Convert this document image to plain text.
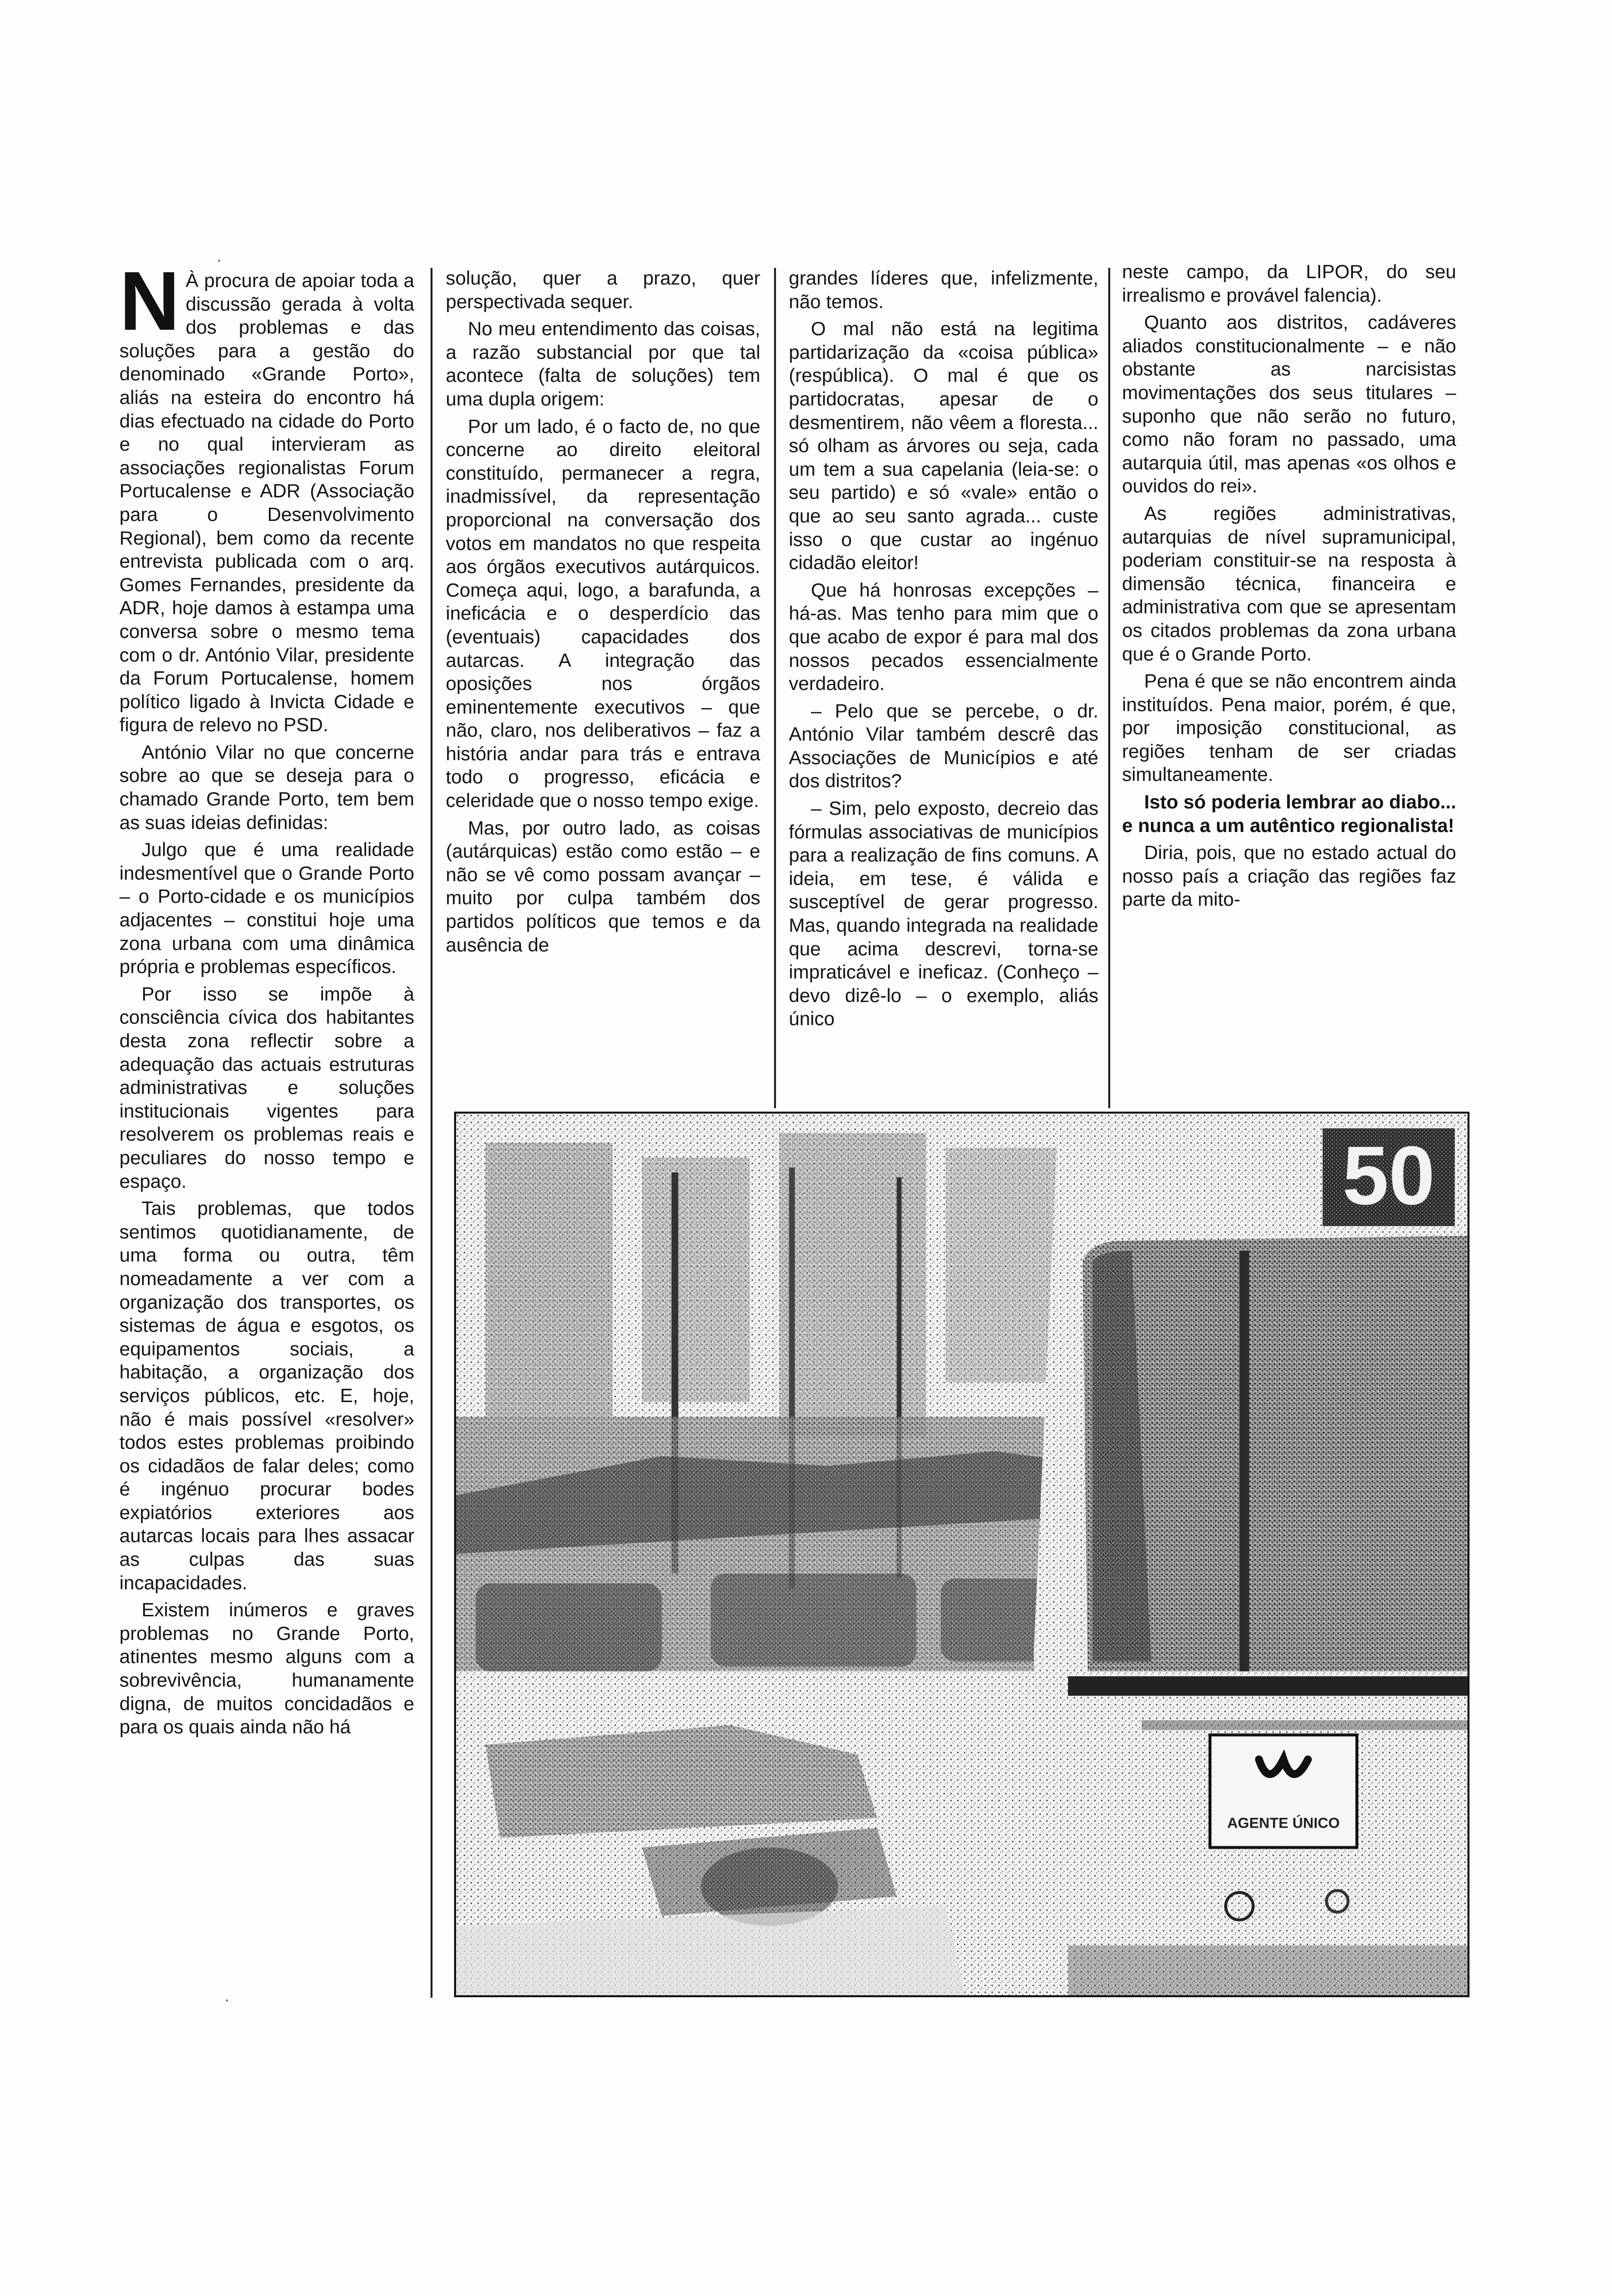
·

N À procura de apoiar toda a discussão gerada à volta dos problemas e das soluções para a gestão do denominado «Grande Porto», aliás na esteira do encontro há dias efectuado na cidade do Porto e no qual intervieram as associações regionalistas Forum Portucalense e ADR (Associação para o Desenvolvimento Regional), bem como da recente entrevista publicada com o arq. Gomes Fernandes, presidente da ADR, hoje damos à estampa uma conversa sobre o mesmo tema com o dr. António Vilar, presidente da Forum Portucalense, homem político ligado à Invicta Cidade e figura de relevo no PSD.

António Vilar no que concerne sobre ao que se deseja para o chamado Grande Porto, tem bem as suas ideias definidas:

Julgo que é uma realidade indesmentível que o Grande Porto – o Porto-cidade e os municípios adjacentes – constitui hoje uma zona urbana com uma dinâmica própria e problemas específicos.

Por isso se impõe à consciência cívica dos habitantes desta zona reflectir sobre a adequação das actuais estruturas administrativas e soluções institucionais vigentes para resolverem os problemas reais e peculiares do nosso tempo e espaço.

Tais problemas, que todos sentimos quotidianamente, de uma forma ou outra, têm nomeadamente a ver com a organização dos transportes, os sistemas de água e esgotos, os equipamentos sociais, a habitação, a organização dos serviços públicos, etc. E, hoje, não é mais possível «resolver» todos estes problemas proibindo os cidadãos de falar deles; como é ingénuo procurar bodes expiatórios exteriores aos autarcas locais para lhes assacar as culpas das suas incapacidades.

Existem inúmeros e graves problemas no Grande Porto, atinentes mesmo alguns com a sobrevivência, humanamente digna, de muitos concidadãos e para os quais ainda não há

solução, quer a prazo, quer perspectivada sequer.

No meu entendimento das coisas, a razão substancial por que tal acontece (falta de soluções) tem uma dupla origem:

Por um lado, é o facto de, no que concerne ao direito eleitoral constituído, permanecer a regra, inadmissível, da representação proporcional na conversação dos votos em mandatos no que respeita aos órgãos executivos autárquicos. Começa aqui, logo, a barafunda, a ineficácia e o desperdício das (eventuais) capacidades dos autarcas. A integração das oposições nos órgãos eminentemente executivos – que não, claro, nos deliberativos – faz a história andar para trás e entrava todo o progresso, eficácia e celeridade que o nosso tempo exige.

Mas, por outro lado, as coisas (autárquicas) estão como estão – e não se vê como possam avançar – muito por culpa também dos partidos políticos que temos e da ausência de

grandes líderes que, infelizmente, não temos.

O mal não está na legitima partidarização da «coisa pública» (respública). O mal é que os partidocratas, apesar de o desmentirem, não vêem a floresta... só olham as árvores ou seja, cada um tem a sua capelania (leia-se: o seu partido) e só «vale» então o que ao seu santo agrada... custe isso o que custar ao ingénuo cidadão eleitor!

Que há honrosas excepções – há-as. Mas tenho para mim que o que acabo de expor é para mal dos nossos pecados essencialmente verdadeiro.

– Pelo que se percebe, o dr. António Vilar também descrê das Associações de Municípios e até dos distritos?

– Sim, pelo exposto, decreio das fórmulas associativas de municípios para a realização de fins comuns. A ideia, em tese, é válida e susceptível de gerar progresso. Mas, quando integrada na realidade que acima descrevi, torna-se impraticável e ineficaz. (Conheço – devo dizê-lo – o exemplo, aliás único

neste campo, da LIPOR, do seu irrealismo e provável falencia).

Quanto aos distritos, cadáveres aliados constitucionalmente – e não obstante as narcisistas movimentações dos seus titulares – suponho que não serão no futuro, como não foram no passado, uma autarquia útil, mas apenas «os olhos e ouvidos do rei».

As regiões administrativas, autarquias de nível supramunicipal, poderiam constituir-se na resposta à dimensão técnica, financeira e administrativa com que se apresentam os citados problemas da zona urbana que é o Grande Porto.

Pena é que se não encontrem ainda instituídos. Pena maior, porém, é que, por imposição constitucional, as regiões tenham de ser criadas simultaneamente.

Isto só poderia lembrar ao diabo... e nunca a um autêntico regionalista!

Diria, pois, que no estado actual do nosso país a criação das regiões faz parte da mito-

50
AGENTE ÚNICO
·
